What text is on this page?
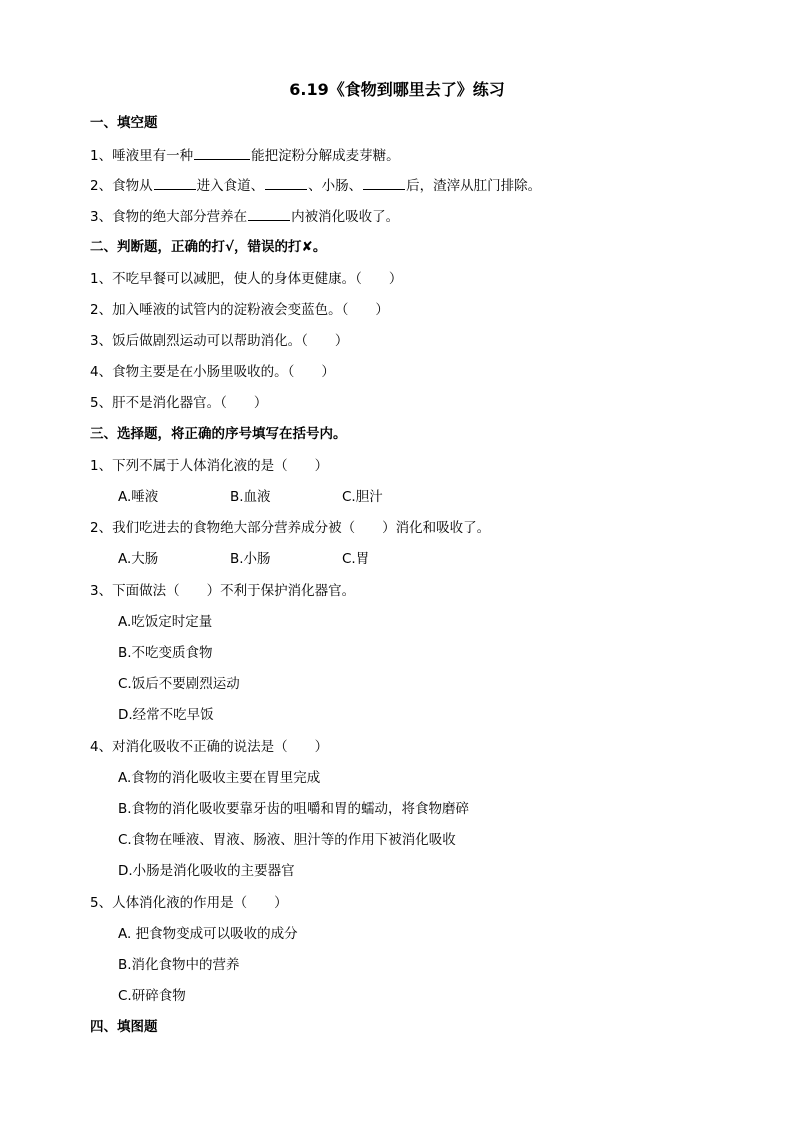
6.19《食物到哪里去了》练习
一、填空题
1、唾液里有一种	能把淀粉分解成麦芽糖。
2、食物从	进入食道、	、小肠、	后，渣滓从肛门排除。
3、食物的绝大部分营养在	内被消化吸收了。
二、判断题，正确的打√，错误的打✘。
1、不吃早餐可以减肥，使人的身体更健康。（　　）
2、加入唾液的试管内的淀粉液会变蓝色。（　　）
3、饭后做剧烈运动可以帮助消化。（　　）
4、食物主要是在小肠里吸收的。（　　）
5、肝不是消化器官。（　　）
三、选择题，将正确的序号填写在括号内。
1、下列不属于人体消化液的是（　　）
A.唾液	B.血液	C.胆汁
2、我们吃进去的食物绝大部分营养成分被（　　）消化和吸收了。
A.大肠	B.小肠	C.胃
3、下面做法（　　）不利于保护消化器官。
A.吃饭定时定量
B.不吃变质食物
C.饭后不要剧烈运动
D.经常不吃早饭
4、对消化吸收不正确的说法是（　　）
A.食物的消化吸收主要在胃里完成
B.食物的消化吸收要靠牙齿的咀嚼和胃的蠕动，将食物磨碎
C.食物在唾液、胃液、肠液、胆汁等的作用下被消化吸收
D.小肠是消化吸收的主要器官
5、人体消化液的作用是（　　）
A. 把食物变成可以吸收的成分
B.消化食物中的营养
C.研碎食物
四、填图题
